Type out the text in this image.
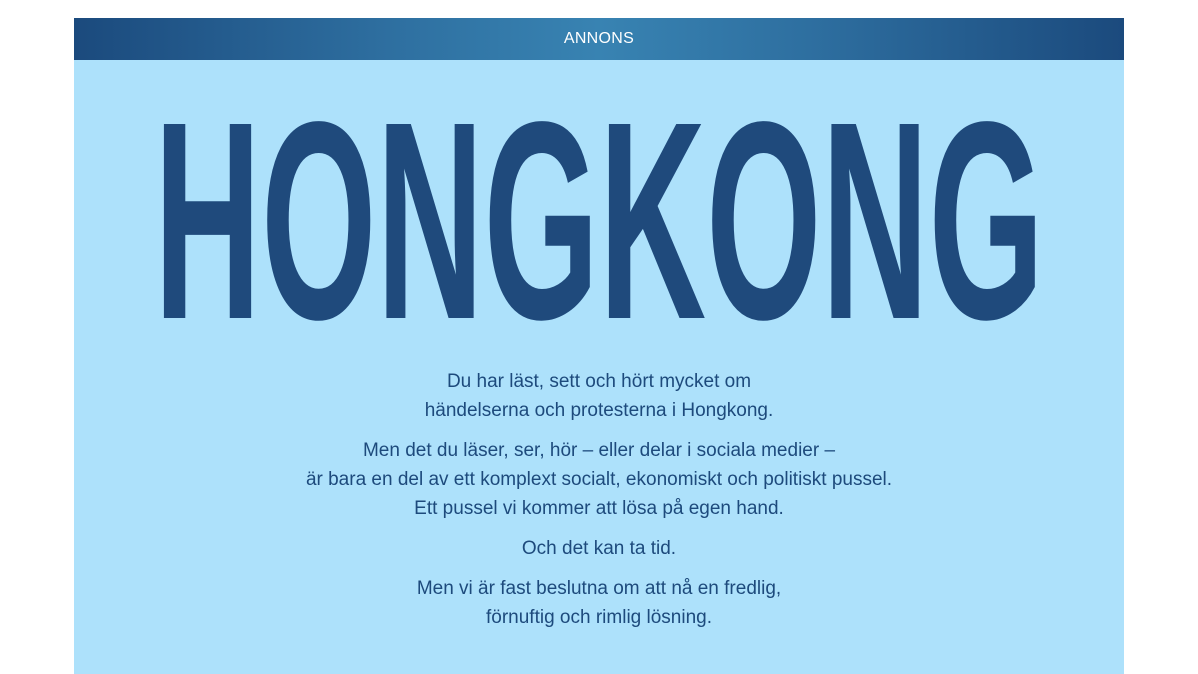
ANNONS
HONGKONG

Du har läst, sett och hört mycket om
händelserna och protesterna i Hongkong.

Men det du läser, ser, hör – eller delar i sociala medier –
är bara en del av ett komplext socialt, ekonomiskt och politiskt pussel.
Ett pussel vi kommer att lösa på egen hand.

Och det kan ta tid.

Men vi är fast beslutna om att nå en fredlig,
förnuftig och rimlig lösning.
